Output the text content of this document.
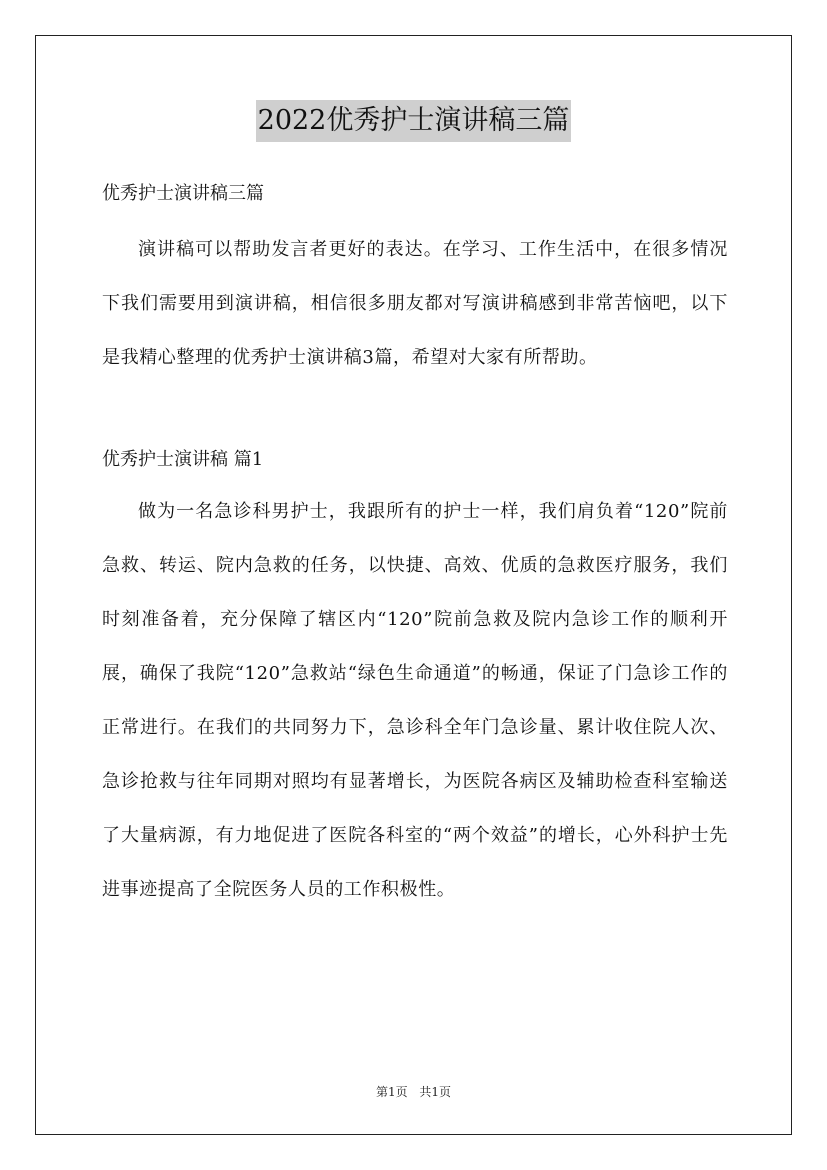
2022优秀护士演讲稿三篇

优秀护士演讲稿三篇

演讲稿可以帮助发言者更好的表达。在学习、工作生活中，在很多情况下我们需要用到演讲稿，相信很多朋友都对写演讲稿感到非常苦恼吧，以下是我精心整理的优秀护士演讲稿3篇，希望对大家有所帮助。

优秀护士演讲稿 篇1

做为一名急诊科男护士，我跟所有的护士一样，我们肩负着“120”院前急救、转运、院内急救的任务，以快捷、高效、优质的急救医疗服务，我们时刻准备着，充分保障了辖区内“120”院前急救及院内急诊工作的顺利开展，确保了我院“120”急救站“绿色生命通道”的畅通，保证了门急诊工作的正常进行。在我们的共同努力下，急诊科全年门急诊量、累计收住院人次、急诊抢救与往年同期对照均有显著增长，为医院各病区及辅助检查科室输送了大量病源，有力地促进了医院各科室的“两个效益”的增长，心外科护士先进事迹提高了全院医务人员的工作积极性。

第1页 共1页
